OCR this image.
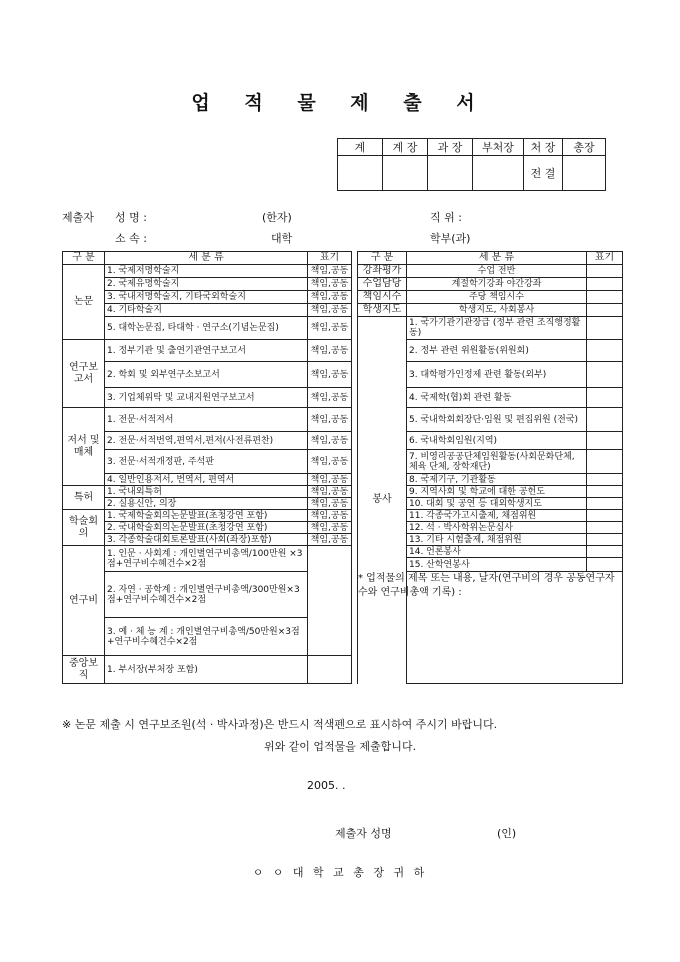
업 적 물 제 출 서
계	계 장	과 장	부처장	처 장	총장
				전 결	
제출자 성 명 :	(한자)	직 위 :
소 속 :	대학	학부(과)
구 분	세 분 류	표기		구 분	세 분 류	표기
논문	1. 국제저명학술지	책임,공동		강좌평가	수업 전반	
	2. 국제유명학술지	책임,공동		수업담당	계절학기강좌 야간강좌	
	3. 국내저명학술지, 기타국외학술지	책임,공동		책임시수	주당 책임시수	
	4. 기타학술지	책임,공동		학생지도	학생지도, 사회봉사	
	5. 대학논문집, 타대학 · 연구소(기념논문집)	책임,공동		봉사	1. 국가기관기관장급 (정부 관련 조직행정활동)	
연구보고서	1. 정부기관 및 출연기관연구보고서	책임,공동			2. 정부 관련 위원활동(위원회)	
	2. 학회 및 외부연구소보고서	책임,공동			3. 대학평가인정제 관련 활동(외부)	
	3. 기업체위탁 및 교내지원연구보고서	책임,공동			4. 국제학(협)회 관련 활동	
저서 및 매체	1. 전문·서적저서	책임,공동			5. 국내학회회장단·임원 및 편집위원 (전국)	
	2. 전문·서적번역,편역서,편저(사전류편찬)	책임,공동			6. 국내학회임원(지역)	
	3. 전문·서적개정판, 주석판	책임,공동			7. 비영리공공단체임원활동(사회문화단체, 체육 단체, 장학재단)	
	4. 일반인용저서, 번역서, 편역서	책임,공동			8. 국제기구, 기관활동	
특허	1. 국내외특허	책임,공동			9. 지역사회 및 학교에 대한 공헌도	
	2. 실용신안, 의장	책임,공동			10. 대회 및 공연 등 대외학생지도	
학술회의	1. 국제학술회의논문발표(초청강연 포함)	책임,공동			11. 각종국가고시출제, 채점위원	
	2. 국내학술회의논문발표(초청강연 포함)	책임,공동			12. 석 · 박사학위논문심사	
	3. 각종학술대회토론발표(사회(좌장)포함)	책임,공동			13. 기타 시험출제, 채점위원	
연구비	1. 인문 · 사회계 : 개인별연구비총액/100만원 ×3점+연구비수혜건수×2점				14. 언론봉사	
					15. 산학연봉사	
	2. 자연 · 공학계 : 개인별연구비총액/300만원×3점+연구비수혜건수×2점				* 업적물의 제목 또는 내용, 날자(연구비의 경우 공동연구자수와 연구비총액 기록) :	

	3. 예 · 체 능 계 : 개인별연구비총액/50만원×3점+연구비수혜건수×2점					
중앙보직	1. 부서장(부처장 포함)					
※ 논문 제출 시 연구보조원(석 · 박사과정)은 반드시 적색펜으로 표시하여 주시기 바랍니다.
위와 같이 업적물을 제출합니다.
2005. .
제출자 성명	(인)
ㅇ ㅇ 대 학 교 총 장 귀 하
